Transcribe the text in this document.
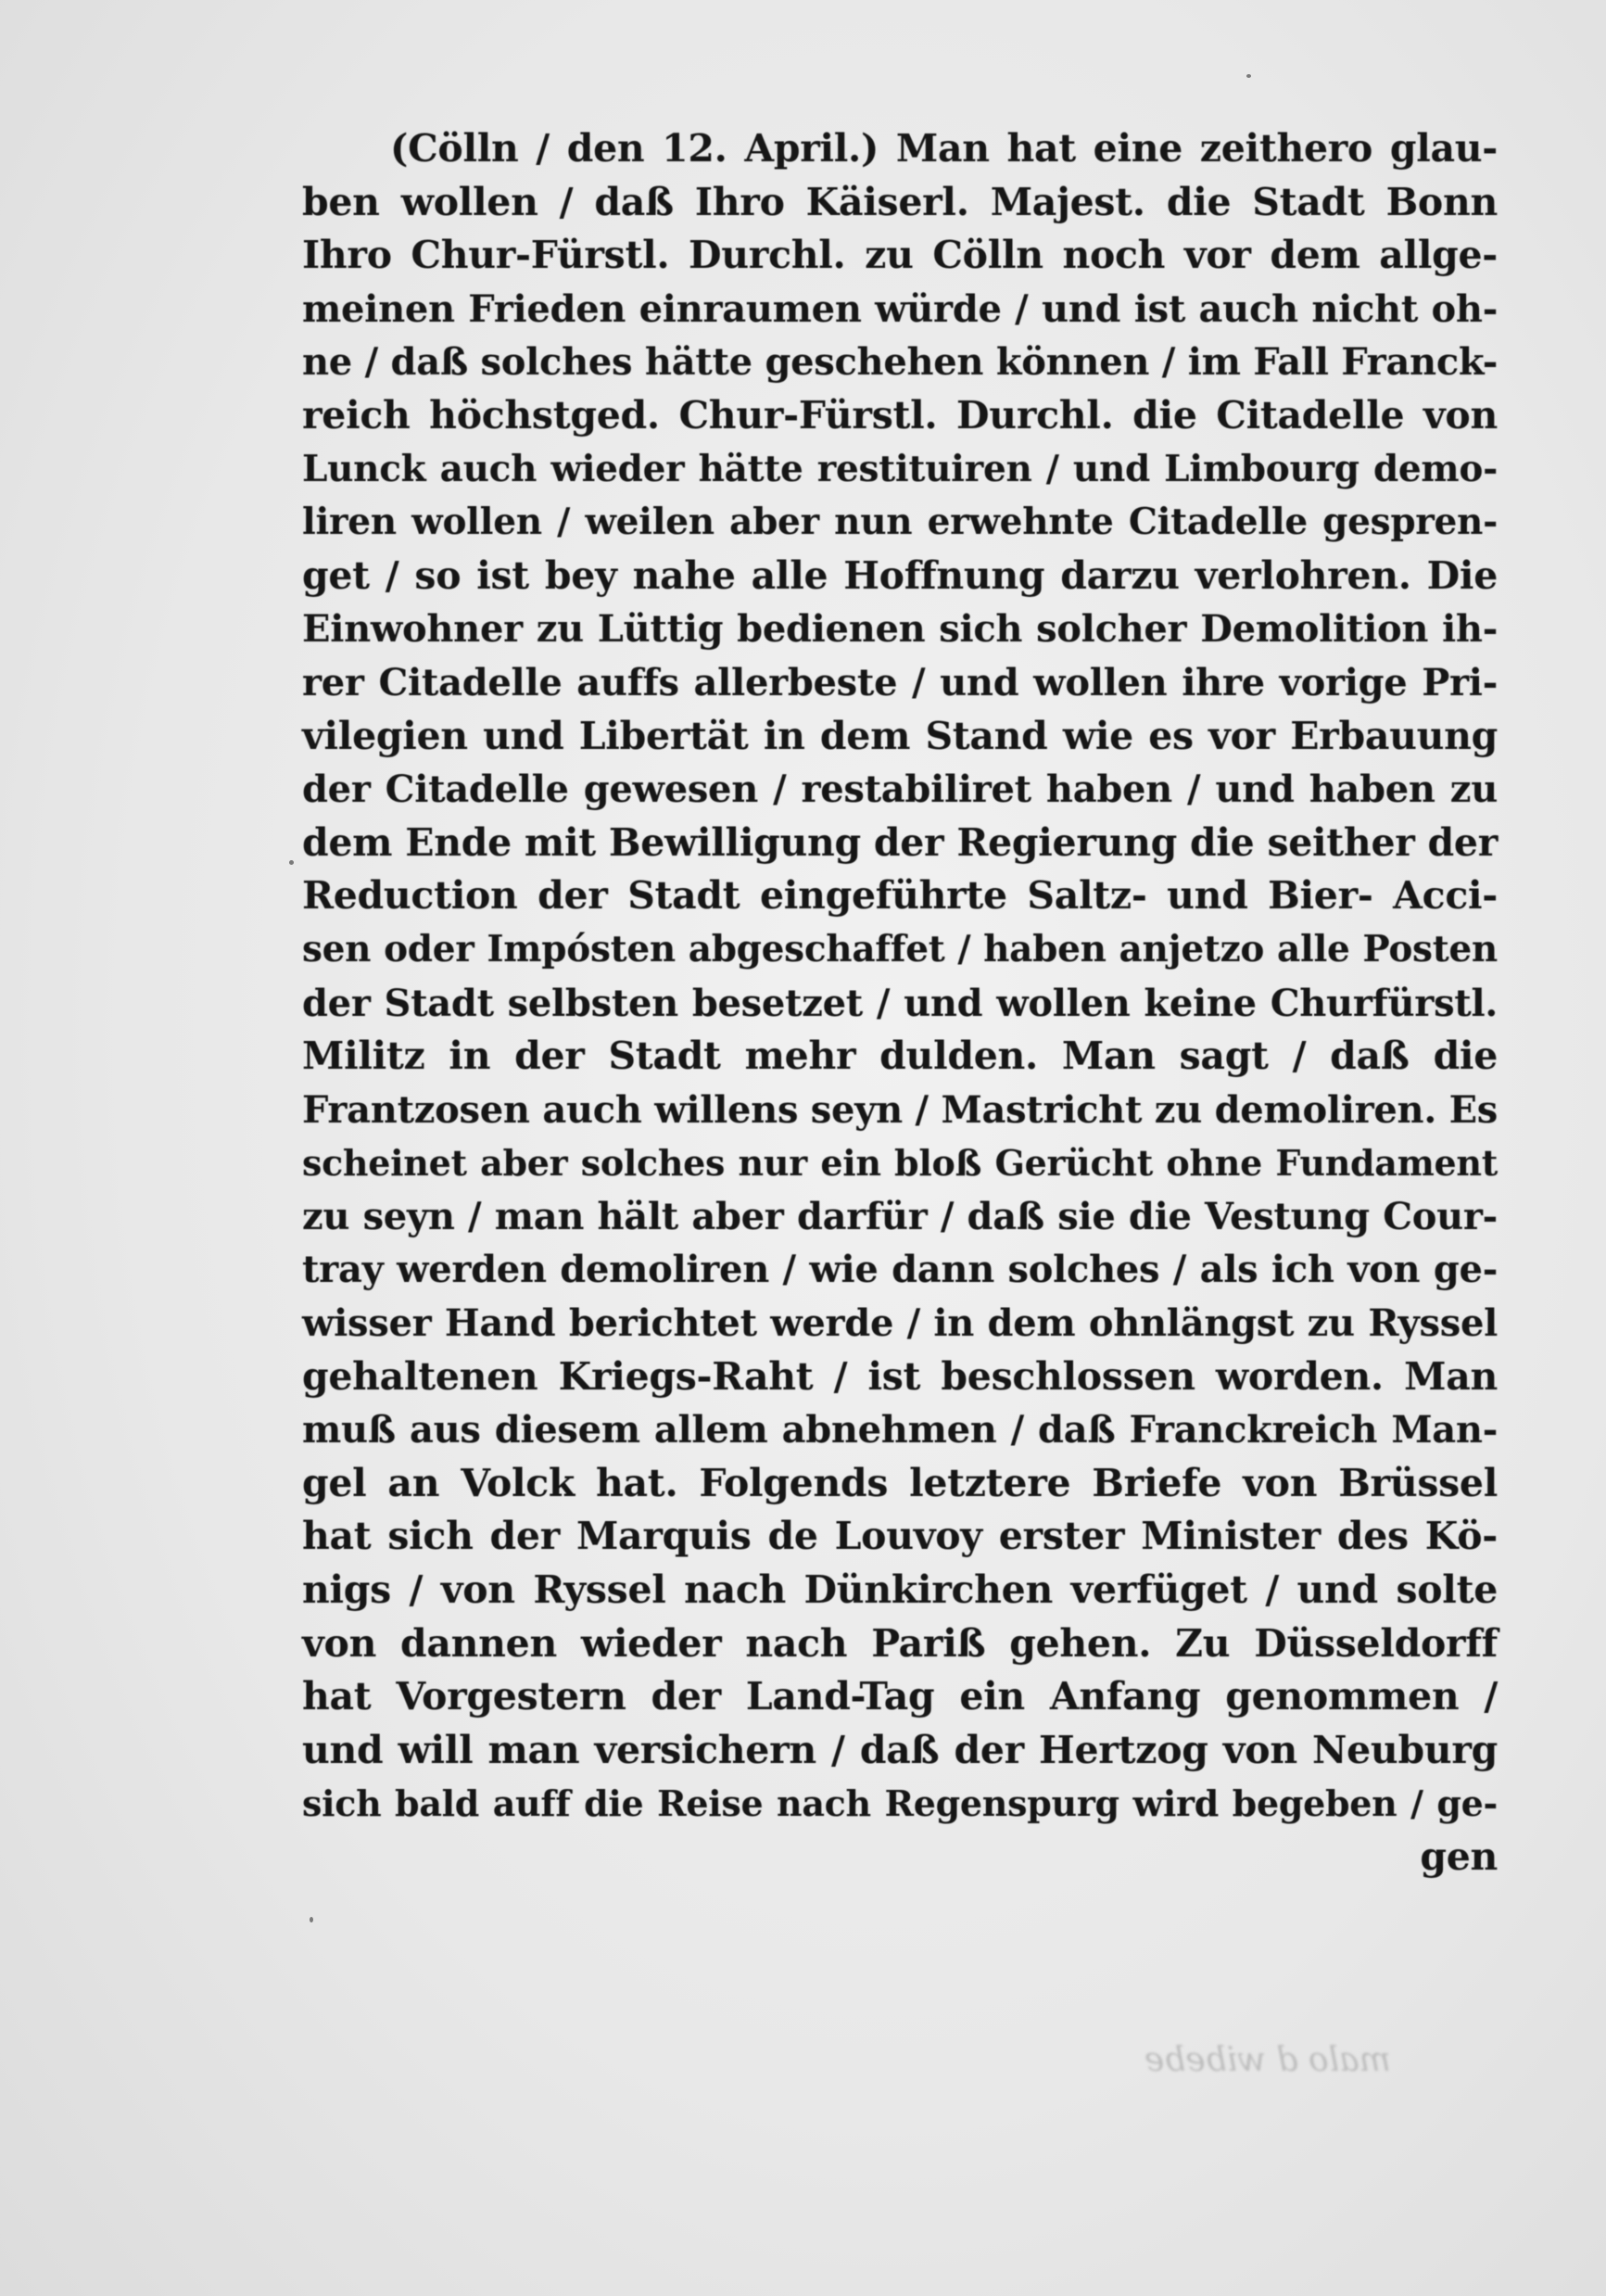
(Cölln / den 12. April.) Man hat eine zeithero glau-
ben wollen / daß Ihro Käiserl. Majest. die Stadt Bonn
Ihro Chur-Fürstl. Durchl. zu Cölln noch vor dem allge-
meinen Frieden einraumen würde / und ist auch nicht oh-
ne / daß solches hätte geschehen können / im Fall Franck-
reich höchstged. Chur-Fürstl. Durchl. die Citadelle von
Lunck auch wieder hätte restituiren / und Limbourg demo-
liren wollen / weilen aber nun erwehnte Citadelle gespren-
get / so ist bey nahe alle Hoffnung darzu verlohren. Die
Einwohner zu Lüttig bedienen sich solcher Demolition ih-
rer Citadelle auffs allerbeste / und wollen ihre vorige Pri-
vilegien und Libertät in dem Stand wie es vor Erbauung
der Citadelle gewesen / restabiliret haben / und haben zu
dem Ende mit Bewilligung der Regierung die seither der
Reduction der Stadt eingeführte Saltz- und Bier- Acci-
sen oder Impósten abgeschaffet / haben anjetzo alle Posten
der Stadt selbsten besetzet / und wollen keine Churfürstl.
Militz in der Stadt mehr dulden. Man sagt / daß die
Frantzosen auch willens seyn / Mastricht zu demoliren. Es
scheinet aber solches nur ein bloß Gerücht ohne Fundament
zu seyn / man hält aber darfür / daß sie die Vestung Cour-
tray werden demoliren / wie dann solches / als ich von ge-
wisser Hand berichtet werde / in dem ohnlängst zu Ryssel
gehaltenen Kriegs-Raht / ist beschlossen worden. Man
muß aus diesem allem abnehmen / daß Franckreich Man-
gel an Volck hat. Folgends letztere Briefe von Brüssel
hat sich der Marquis de Louvoy erster Minister des Kö-
nigs / von Ryssel nach Dünkirchen verfüget / und solte
von dannen wieder nach Pariß gehen. Zu Düsseldorff
hat Vorgestern der Land-Tag ein Anfang genommen /
und will man versichern / daß der Hertzog von Neuburg
sich bald auff die Reise nach Regenspurg wird begeben / ge-
gen
malo d wibebe
